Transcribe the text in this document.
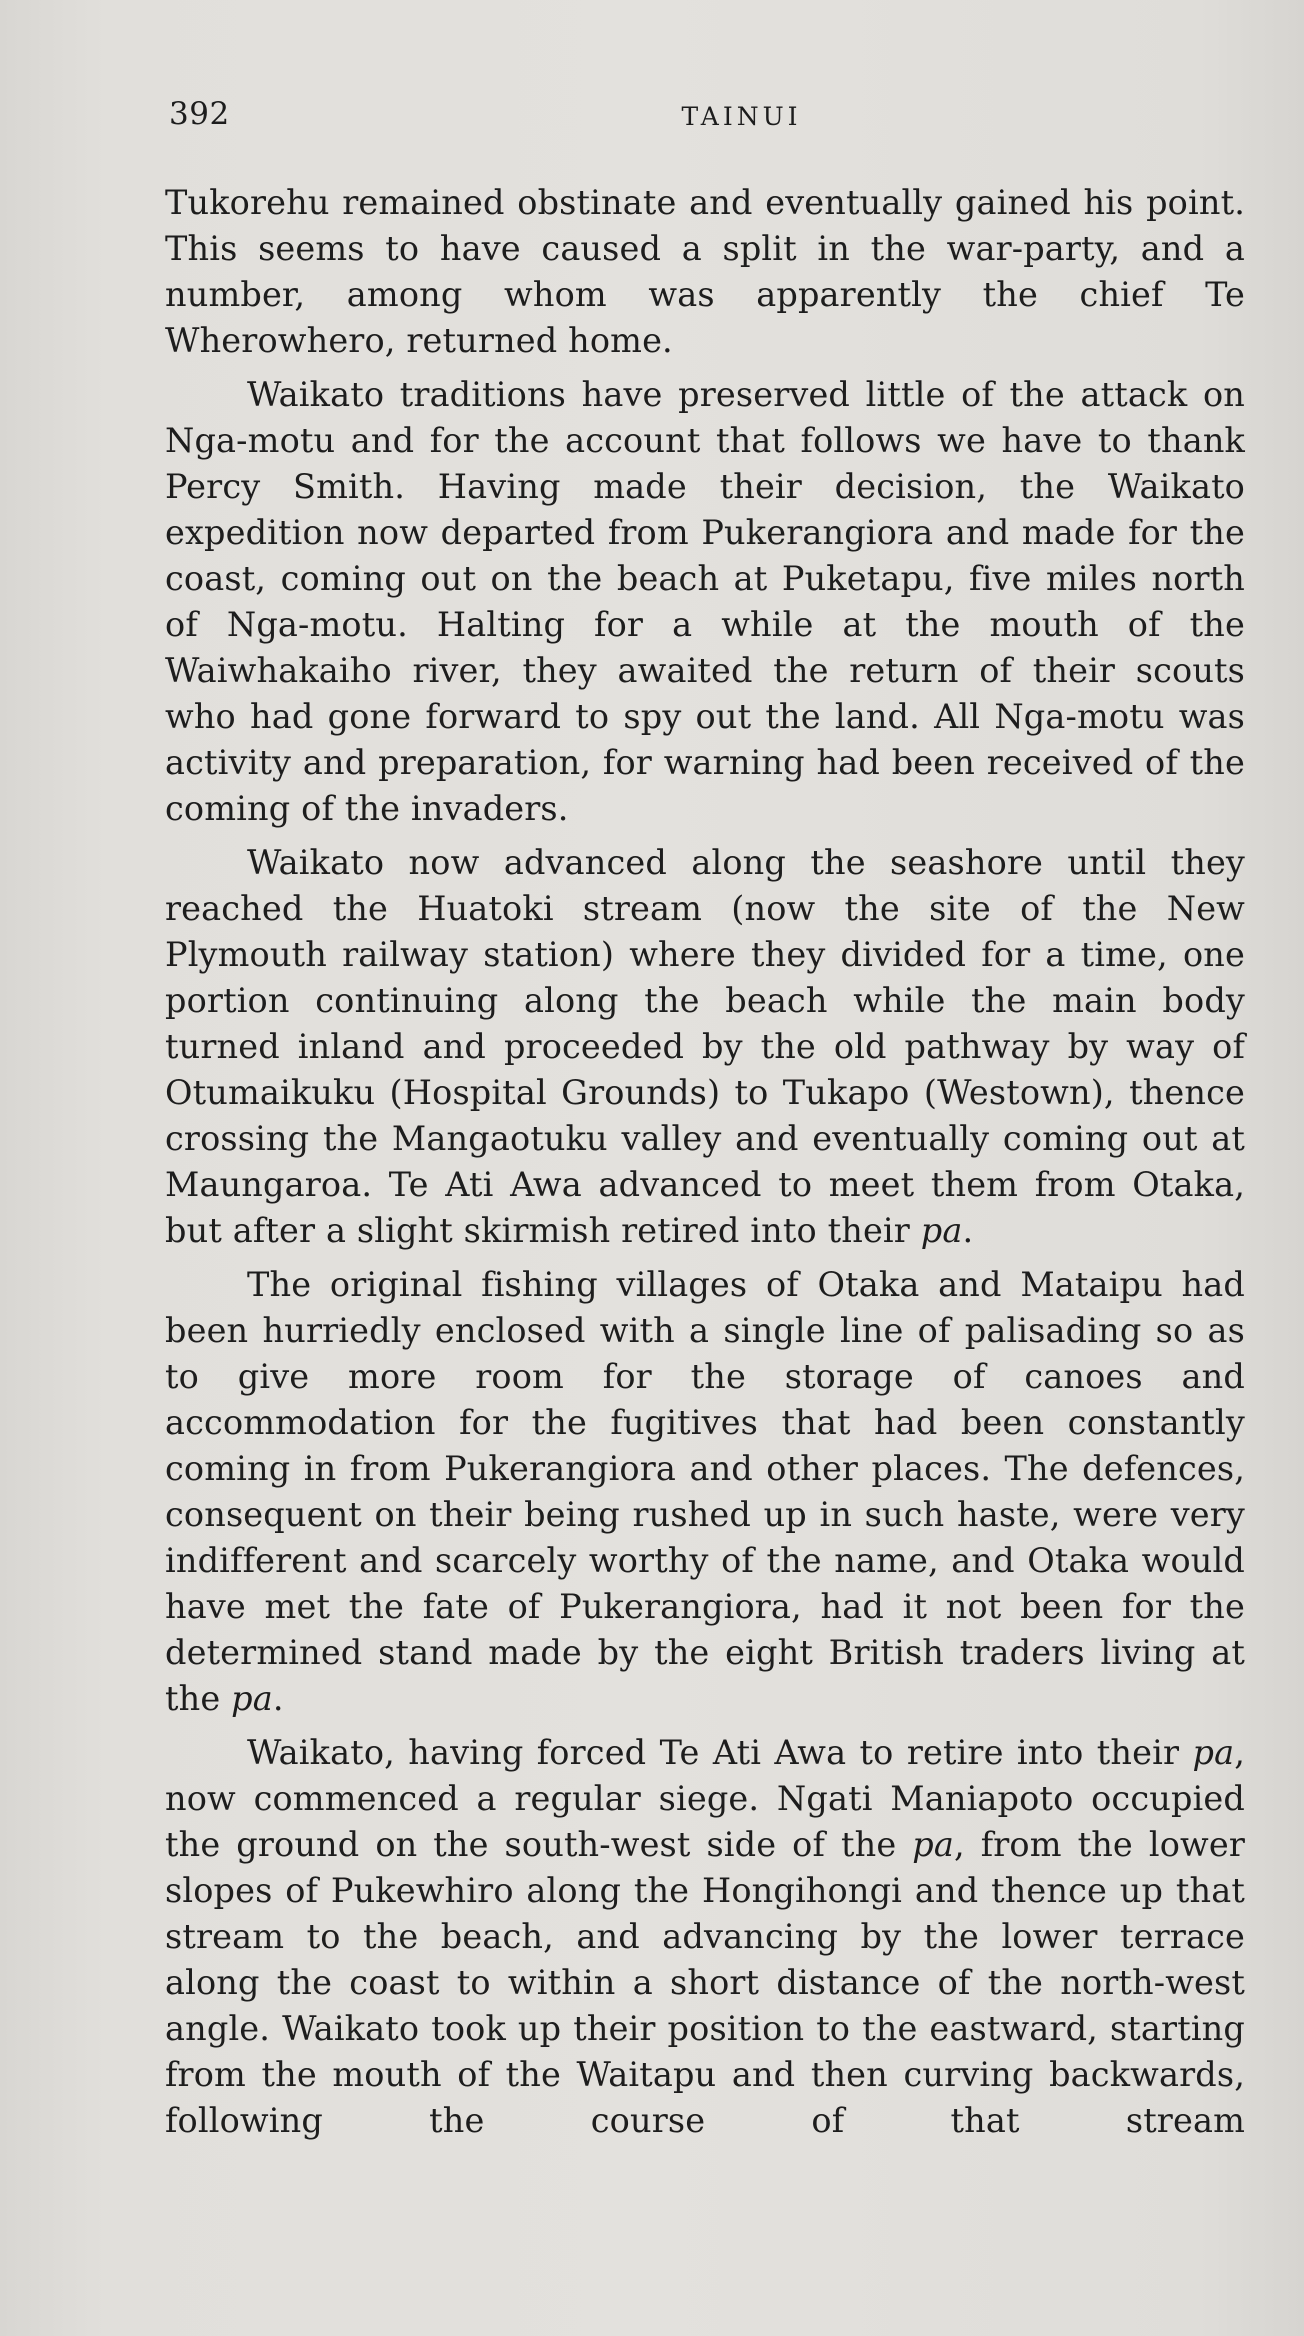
392	TAINUI

Tukorehu remained obstinate and eventually gained his point. This seems to have caused a split in the war-party, and a number, among whom was apparently the chief Te Wherowhero, returned home.

Waikato traditions have preserved little of the attack on Nga-motu and for the account that follows we have to thank Percy Smith. Having made their decision, the Waikato expedition now departed from Pukerangiora and made for the coast, coming out on the beach at Puketapu, five miles north of Nga-motu. Halting for a while at the mouth of the Waiwhakaiho river, they awaited the return of their scouts who had gone forward to spy out the land. All Nga-motu was activity and preparation, for warning had been received of the coming of the invaders.

Waikato now advanced along the seashore until they reached the Huatoki stream (now the site of the New Plymouth railway station) where they divided for a time, one portion continuing along the beach while the main body turned inland and proceeded by the old pathway by way of Otumaikuku (Hospital Grounds) to Tukapo (Westown), thence crossing the Mangaotuku valley and eventually coming out at Maungaroa. Te Ati Awa advanced to meet them from Otaka, but after a slight skirmish retired into their pa.

The original fishing villages of Otaka and Mataipu had been hurriedly enclosed with a single line of palisading so as to give more room for the storage of canoes and accommodation for the fugitives that had been constantly coming in from Pukerangiora and other places. The defences, consequent on their being rushed up in such haste, were very indifferent and scarcely worthy of the name, and Otaka would have met the fate of Pukerangiora, had it not been for the determined stand made by the eight British traders living at the pa.

Waikato, having forced Te Ati Awa to retire into their pa, now commenced a regular siege. Ngati Maniapoto occupied the ground on the south-west side of the pa, from the lower slopes of Pukewhiro along the Hongihongi and thence up that stream to the beach, and advancing by the lower terrace along the coast to within a short distance of the north-west angle. Waikato took up their position to the eastward, starting from the mouth of the Waitapu and then curving backwards, following the course of that stream
